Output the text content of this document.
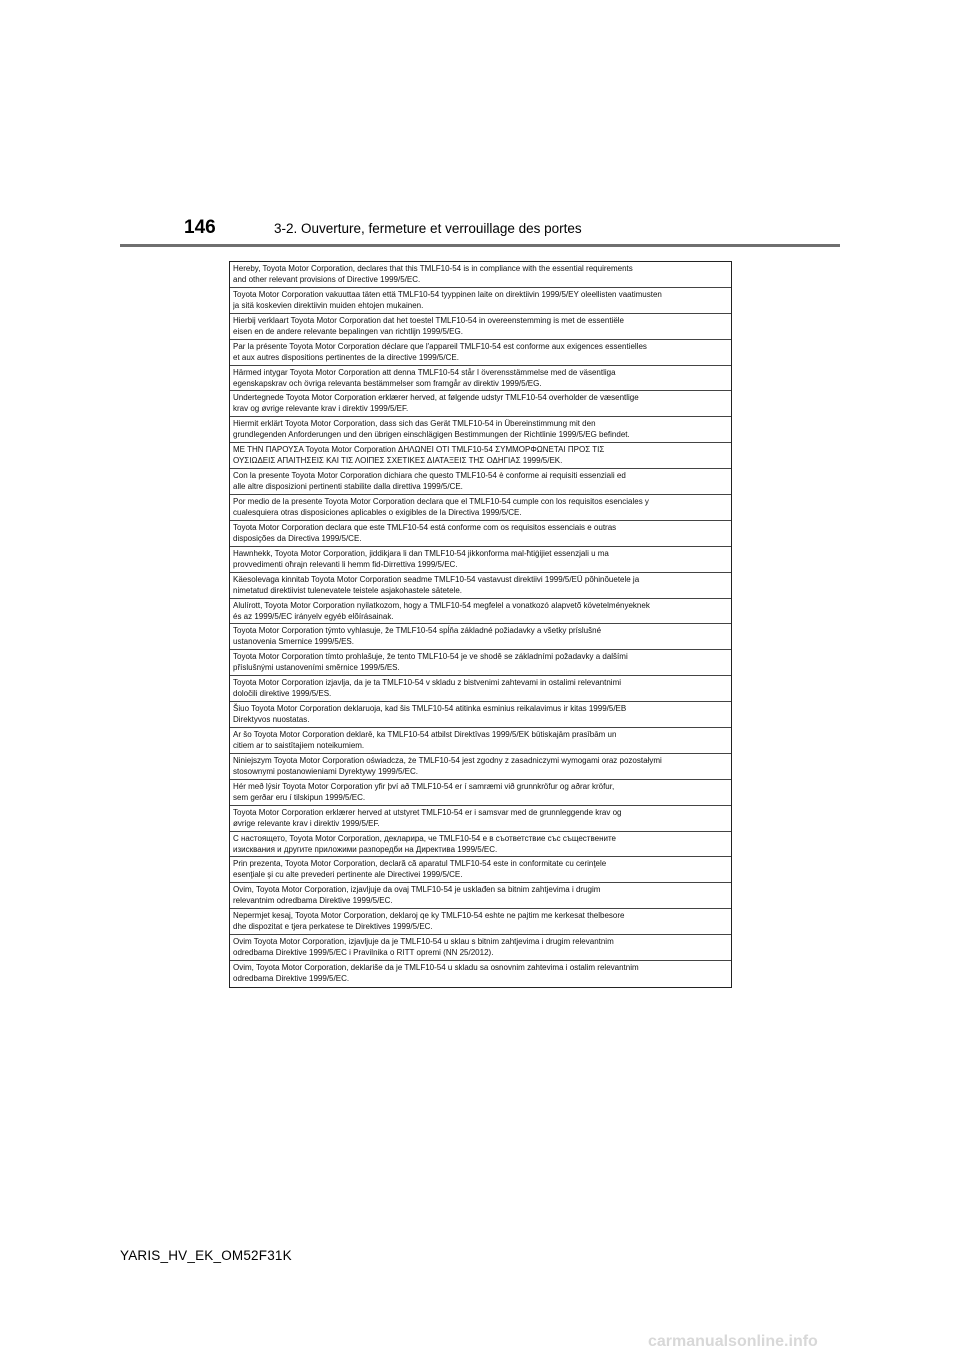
146	3-2. Ouverture, fermeture et verrouillage des portes
Hereby, Toyota Motor Corporation, declares that this TMLF10-54 is in compliance with the essential requirements
and other relevant provisions of Directive 1999/5/EC.
Toyota Motor Corporation vakuuttaa täten että TMLF10-54 tyyppinen laite on direktiivin 1999/5/EY oleellisten vaatimusten
ja sitä koskevien direktiivin muiden ehtojen mukainen.
Hierbij verklaart Toyota Motor Corporation dat het toestel TMLF10-54 in overeenstemming is met de essentiële
eisen en de andere relevante bepalingen van richtlijn 1999/5/EG.
Par la présente Toyota Motor Corporation déclare que l'appareil TMLF10-54 est conforme aux exigences essentielles
et aux autres dispositions pertinentes de la directive 1999/5/CE.
Härmed intygar Toyota Motor Corporation att denna TMLF10-54 står I överensstämmelse med de väsentliga
egenskapskrav och övriga relevanta bestämmelser som framgår av direktiv 1999/5/EG.
Undertegnede Toyota Motor Corporation erklærer herved, at følgende udstyr TMLF10-54 overholder de væsentlige
krav og øvrige relevante krav i direktiv 1999/5/EF.
Hiermit erklärt Toyota Motor Corporation, dass sich das Gerät TMLF10-54 in Übereinstimmung mit den
grundlegenden Anforderungen und den übrigen einschlägigen Bestimmungen der Richtlinie 1999/5/EG befindet.
ΜΕ ΤΗΝ ΠΑΡΟΥΣΑ Toyota Motor Corporation ΔΗΛΩΝΕΙ ΟΤΙ TMLF10-54 ΣΥΜΜΟΡΦΩΝΕΤΑΙ ΠΡΟΣ ΤΙΣ
ΟΥΣΙΩΔΕΙΣ ΑΠΑΙΤΗΣΕΙΣ ΚΑΙ ΤΙΣ ΛΟΙΠΕΣ ΣΧΕΤΙΚΕΣ ΔΙΑΤΑΞΕΙΣ ΤΗΣ ΟΔΗΓΙΑΣ 1999/5/ΕΚ.
Con la presente Toyota Motor Corporation dichiara che questo TMLF10-54 è conforme ai requisiti essenziali ed
alle altre disposizioni pertinenti stabilite dalla direttiva 1999/5/CE.
Por medio de la presente Toyota Motor Corporation declara que el TMLF10-54 cumple con los requisitos esenciales y
cualesquiera otras disposiciones aplicables o exigibles de la Directiva 1999/5/CE.
Toyota Motor Corporation declara que este TMLF10-54 está conforme com os requisitos essenciais e outras
disposições da Directiva 1999/5/CE.
Hawnhekk, Toyota Motor Corporation, jiddikjara li dan TMLF10-54 jikkonforma mal-ħtiġijiet essenzjali u ma
provvedimenti oħrajn relevanti li hemm fid-Dirrettiva 1999/5/EC.
Käesolevaga kinnitab Toyota Motor Corporation seadme TMLF10-54 vastavust direktiivi 1999/5/EÜ põhinõuetele ja
nimetatud direktiivist tulenevatele teistele asjakohastele sätetele.
Alulírott, Toyota Motor Corporation nyilatkozom, hogy a TMLF10-54 megfelel a vonatkozó alapvetõ követelményeknek
és az 1999/5/EC irányelv egyéb elõírásainak.
Toyota Motor Corporation týmto vyhlasuje, že TMLF10-54 spĺňa základné požiadavky a všetky príslušné
ustanovenia Smernice 1999/5/ES.
Toyota Motor Corporation tímto prohlašuje, že tento TMLF10-54 je ve shodě se základními požadavky a dalšími
příslušnými ustanoveními směrnice 1999/5/ES.
Toyota Motor Corporation izjavlja, da je ta TMLF10-54 v skladu z bistvenimi zahtevami in ostalimi relevantnimi
določili direktive 1999/5/ES.
Šiuo Toyota Motor Corporation deklaruoja, kad šis TMLF10-54 atitinka esminius reikalavimus ir kitas 1999/5/EB
Direktyvos nuostatas.
Ar šo Toyota Motor Corporation deklarē, ka TMLF10-54 atbilst Direktīvas 1999/5/EK būtiskajām prasībām un
citiem ar to saistītajiem noteikumiem.
Niniejszym Toyota Motor Corporation oświadcza, że TMLF10-54 jest zgodny z zasadniczymi wymogami oraz pozostałymi
stosownymi postanowieniami Dyrektywy 1999/5/EC.
Hér með lýsir Toyota Motor Corporation yfir því að TMLF10-54 er í samræmi við grunnkröfur og aðrar kröfur,
sem gerðar eru í tilskipun 1999/5/EC.
Toyota Motor Corporation erklærer herved at utstyret TMLF10-54 er i samsvar med de grunnleggende krav og
øvrige relevante krav i direktiv 1999/5/EF.
С настоящето, Toyota Motor Corporation, декларира, че TMLF10-54 е в съответствие със съществените
изисквания и другите приложими разпоредби на Директива 1999/5/ЕС.
Prin prezenta, Toyota Motor Corporation, declară că aparatul TMLF10-54 este in conformitate cu cerinţele
esenţiale şi cu alte prevederi pertinente ale Directivei 1999/5/CE.
Ovim, Toyota Motor Corporation, izjavljuje da ovaj TMLF10-54 je usklađen sa bitnim zahtjevima i drugim
relevantnim odredbama Direktive 1999/5/EC.
Nepermjet kesaj, Toyota Motor Corporation, deklaroj qe ky TMLF10-54 eshte ne pajtim me kerkesat thelbesore
dhe dispozitat e tjera perkatese te Direktives 1999/5/EC.
Ovim Toyota Motor Corporation, izjavljuje da je TMLF10-54 u sklau s bitnim zahtjevima i drugim relevantnim
odredbama Direktive 1999/5/EC i Pravilnika o RITT opremi (NN 25/2012).
Ovim, Toyota Motor Corporation, deklariše da je TMLF10-54 u skladu sa osnovnim zahtevima i ostalim relevantnim
odredbama Direktive 1999/5/EC.
YARIS_HV_EK_OM52F31K
carmanualsonline.info
